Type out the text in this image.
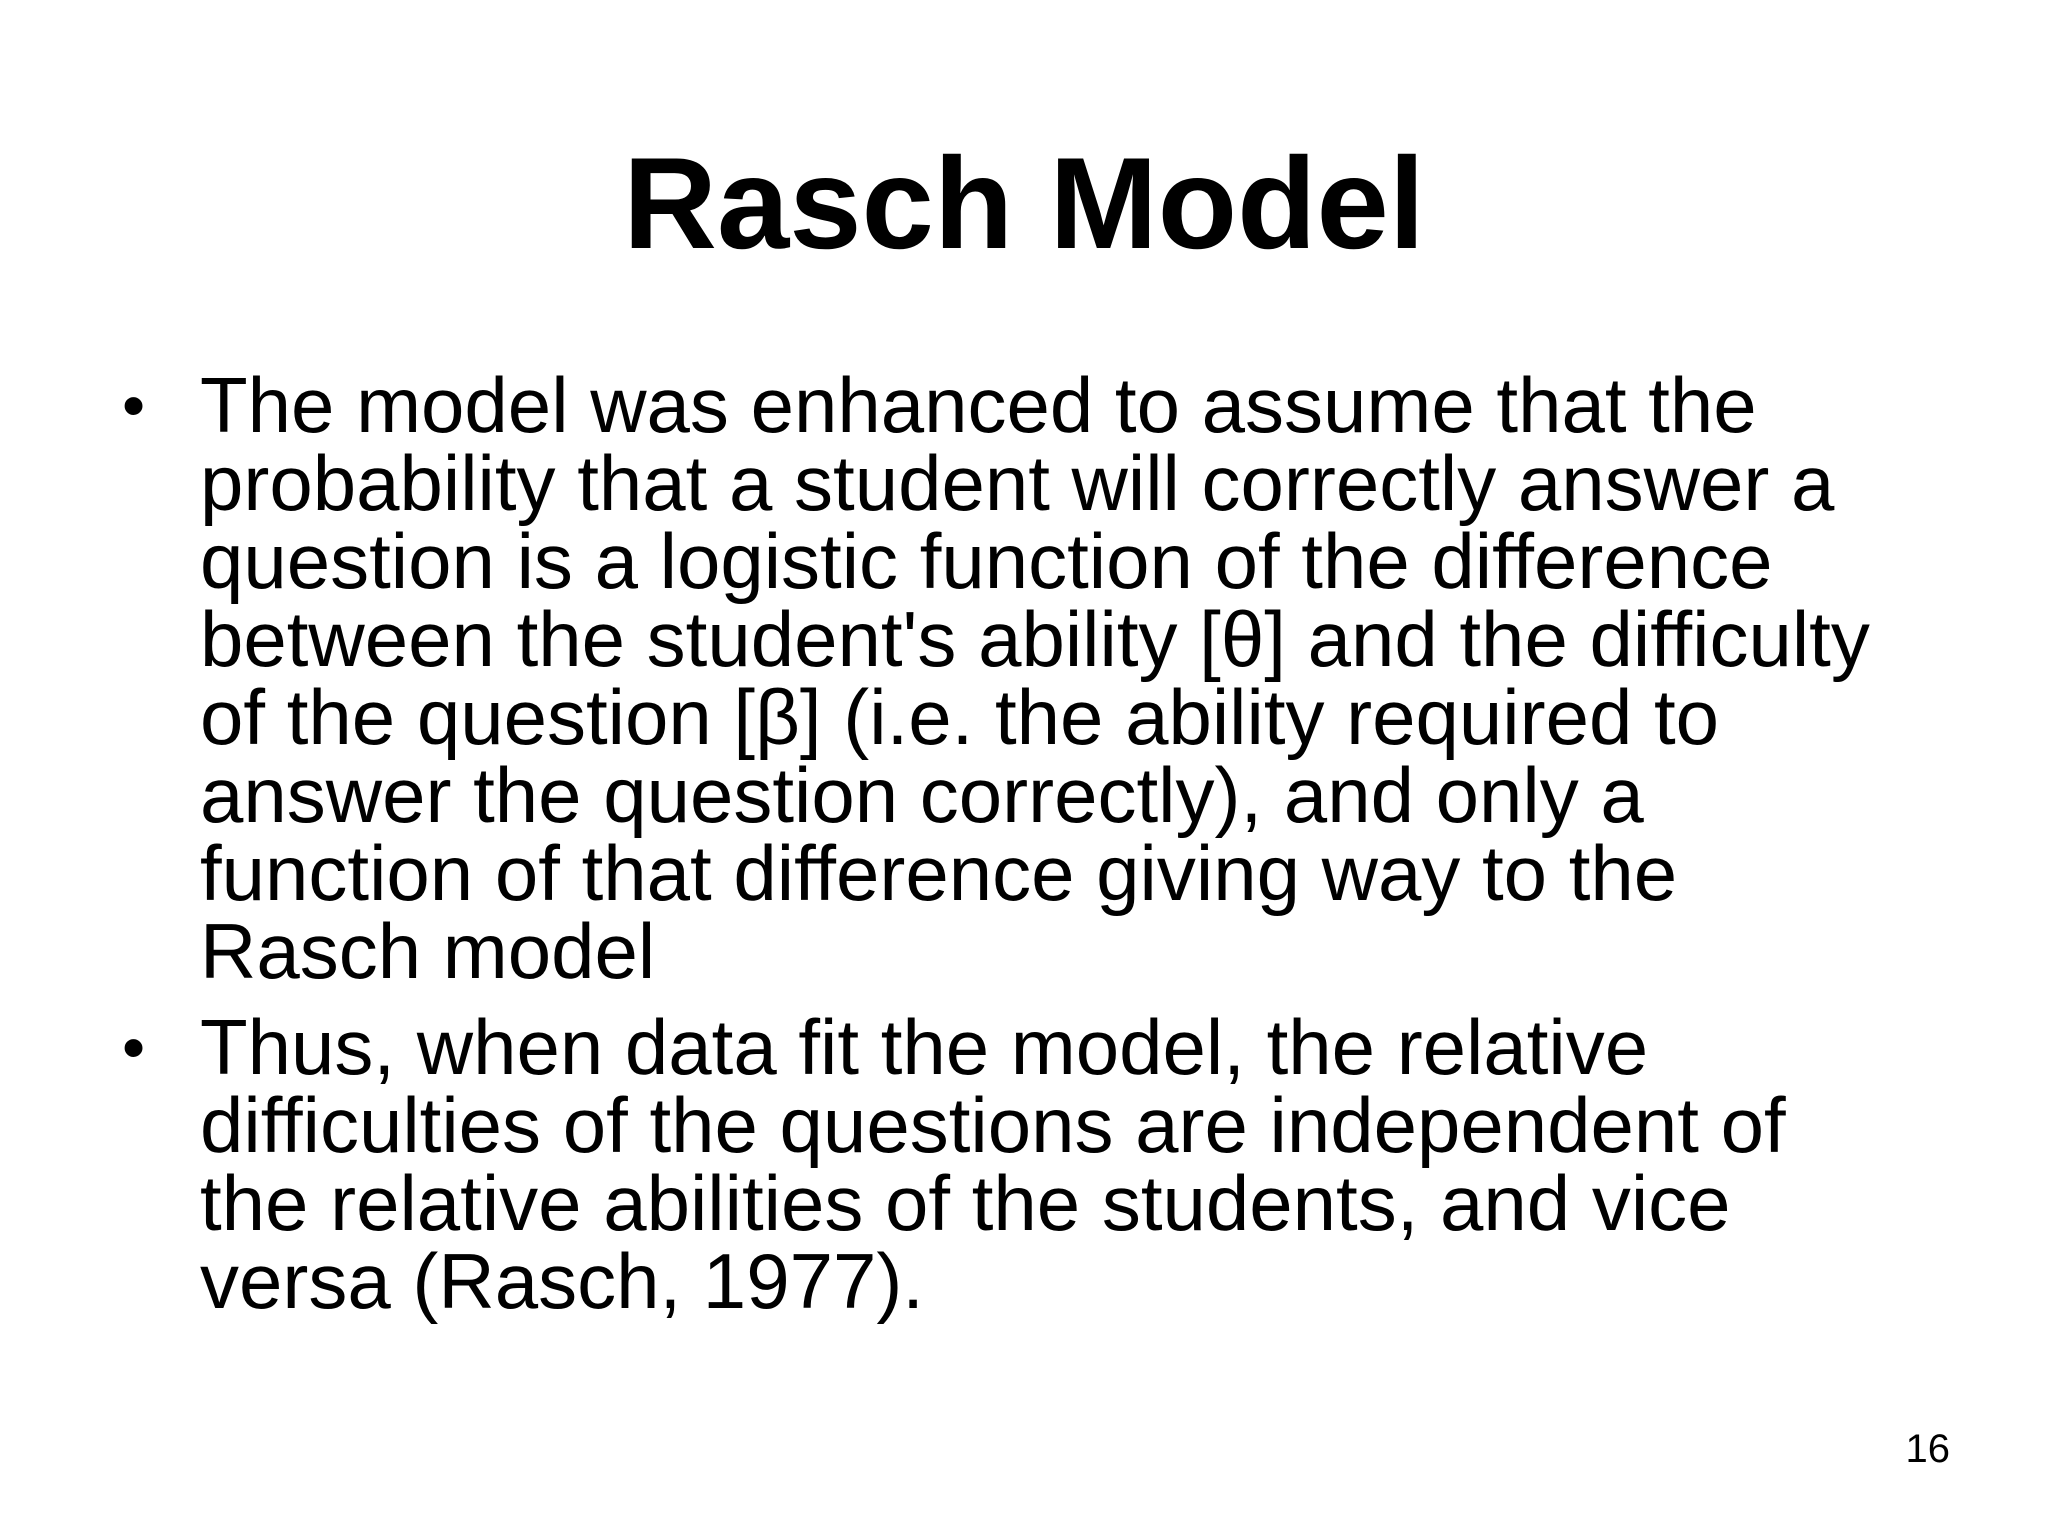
Rasch Model
• The model was enhanced to assume that the
probability that a student will correctly answer a
question is a logistic function of the difference
between the student's ability [θ] and the difficulty
of the question [β] (i.e. the ability required to
answer the question correctly), and only a
function of that difference giving way to the
Rasch model
• Thus, when data fit the model, the relative
difficulties of the questions are independent of
the relative abilities of the students, and vice
versa (Rasch, 1977).
16
